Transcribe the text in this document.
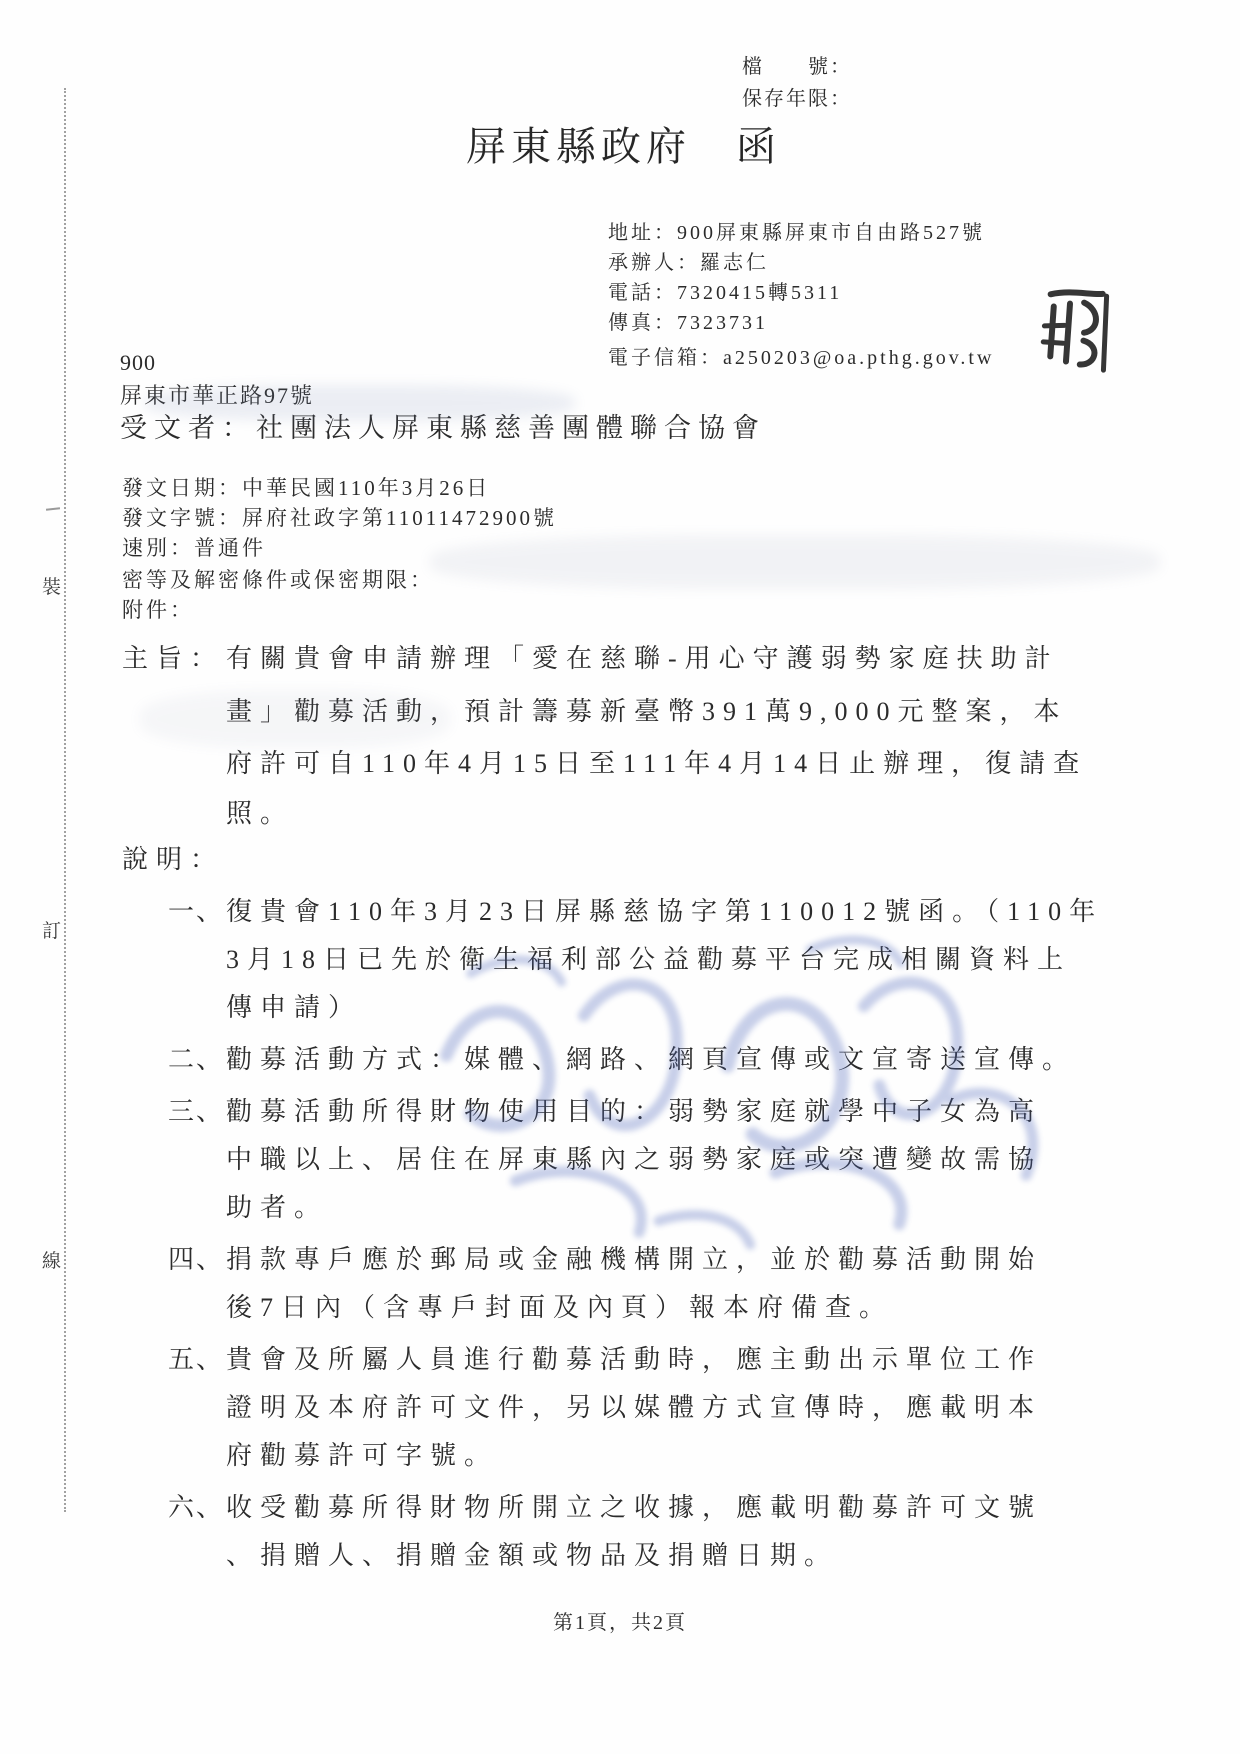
裝
訂
線
檔　　號：
保存年限：
屏東縣政府　函
地址：900屏東縣屏東市自由路527號
承辦人：羅志仁
電話：7320415轉5311
傳真：7323731
電子信箱：a250203@oa.pthg.gov.tw
900
屏東市華正路97號
受文者：社團法人屏東縣慈善團體聯合協會
發文日期：中華民國110年3月26日
發文字號：屏府社政字第11011472900號
速別：普通件
密等及解密條件或保密期限：
附件：
主旨：有關貴會申請辦理「愛在慈聯-用心守護弱勢家庭扶助計
畫」勸募活動，預計籌募新臺幣391萬9,000元整案，本
府許可自110年4月15日至111年4月14日止辦理，復請查
照。
說明：
一、復貴會110年3月23日屏縣慈協字第110012號函。（110年
3月18日已先於衛生福利部公益勸募平台完成相關資料上
傳申請）
二、勸募活動方式：媒體、網路、網頁宣傳或文宣寄送宣傳。
三、勸募活動所得財物使用目的：弱勢家庭就學中子女為高
中職以上、居住在屏東縣內之弱勢家庭或突遭變故需協
助者。
四、捐款專戶應於郵局或金融機構開立，並於勸募活動開始
後7日內（含專戶封面及內頁）報本府備查。
五、貴會及所屬人員進行勸募活動時，應主動出示單位工作
證明及本府許可文件，另以媒體方式宣傳時，應載明本
府勸募許可字號。
六、收受勸募所得財物所開立之收據，應載明勸募許可文號
、捐贈人、捐贈金額或物品及捐贈日期。
第1頁，共2頁
